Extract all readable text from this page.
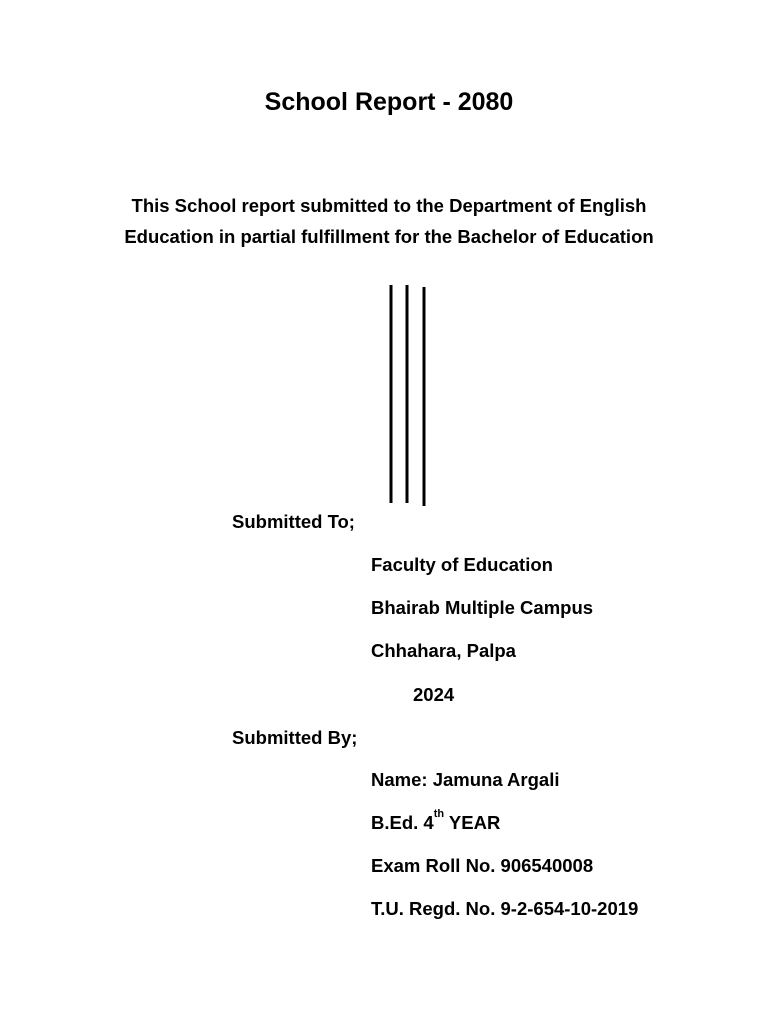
School Report - 2080
This School report submitted to the Department of English
Education in partial fulfillment for the Bachelor of Education
Submitted To;
Faculty of Education
Bhairab Multiple Campus
Chhahara, Palpa
2024
Submitted By;
Name: Jamuna Argali
B.Ed. 4th YEAR
Exam Roll No. 906540008
T.U. Regd. No. 9-2-654-10-2019
